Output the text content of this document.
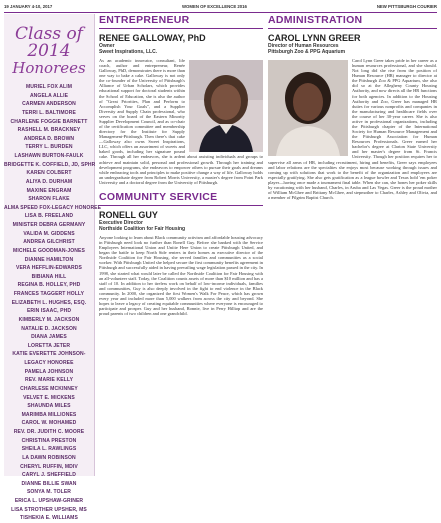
19 JANUARY 4-10, 2017	WOMEN OF EXCELLENCE 2016	NEW PITTSBURGH COURIER
Class of 2014
Honorees
MURIEL FOX ALIM
ANGELA ALLIE
CARMEN ANDERSON
TERRI L. BALTIMORE
CHARLENE FOGGIE BARNETT
RASHELL M. BRACKNEY
ANDREA D. BROWN
TERRY L. BURDEN
LASHAWN BURTON-FAULK
BRIDGETTE K. COFFIELD, JD, SPHR
KAREN COLBERT
ALIYA D. DURHAM
MAXINE ENGRAM
SHARON FLAKE
ALMA SPEED FOX-LEGACY HONOREE
LISA B. FREELAND
MINISTER DEBRA GERMANY
VALIDA M. GIDDENS
ANDREA GILCHRIST
MICHELE GOODMAN-JONES
DIANNE HAMILTON
VERA HEFFLIN-EDWARDS
BIBIANA HILL
REGINA B. HOLLEY, PHD
FRANCES TAGGERT HOLLY
ELIZABETH L. HUGHES, ESQ.
ERIN ISAAC, PHD
KIMBERLY M. JACKSON
NATALIE D. JACKSON
DIANA JAMES
LORETTA JETER
KATIE EVERETTE JOHNSON-
LEGACY HONOREE
PAMELA JOHNSON
REV. MARIE KELLY
CHARLESE MCKINNEY
VELVET E. MICKENS
SHAUNDA MILES
MARIMBA MILLIONES
CAROL W. MOHAMED
REV. DR. JUDITH C. MOORE
CHRISTINA PRESTON
SHEILA L. RAWLINGS
LA DAWN ROBINSON
CHERYL RUFFIN, MDIV
CARYL J. SHEFFIELD
DIANNE BILLIE SWAN
SONYA M. TOLER
ERICA L. UPSHAW-GRINER
LISA STROTHER UPSHER, MS
TISHEKIA E. WILLIAMS
ENTREPRENEUR
RENEE GALLOWAY, PhD
Owner
Sweet Inspirations, LLC.
As an academic innovator, consultant, life coach, author and entrepreneur, Renée Galloway, PhD, demonstrates there is more than one way to bake a cake. Galloway is not only the co-founder of the University of Pittsburgh's Alliance of Urban Scholars, which provides educational support for doctoral students within the School of Education, she is also the author of "Great Priorities, Plan and Perform to Accomplish Your Goals", and a Supplier Diversity and Supply Chain professional, who serves on the board of the Eastern Minority Supplier Development Council, and as co-chair of the certification committee and membership directory for the Institute for Supply Management-Pittsburgh. Then there's that cake—Galloway also owns Sweet Inspirations, LLC, which offers an assortment of sweets and baked goods, including her signature pound cake. Through all her endeavors, she is ardent about assisting individuals and groups to achieve and maintain solid, personal and professional growth. Through her training and development programs, she endeavors to empower others to pursue their goals and dreams while embracing tools and principles to make positive change a way of life. Galloway holds an undergraduate degree from Robert Morris University, a master's degree from Point Park University and a doctoral degree from the University of Pittsburgh.
COMMUNITY SERVICE
RONELL GUY
Executive Director
Northside Coalition for Fair Housing
Anyone looking to learn about Black community activism and affordable housing advocacy in Pittsburgh need look no further than Ronell Guy. Before she banked with the Service Employees International Union and Uniite Here Union to create Pittsburgh United, and began the battle to keep North Side renters in their homes as executive director of the Northside Coalition for Fair Housing, she served families and communities as a social worker. With Pittsburgh United she helped secure the first community benefits agreement in Pittsburgh and successfully aided in having prevailing wage legislation passed in the city. In 1998, she started what would later be called the Northside Coalition for Fair Housing with an all-volunteer staff. Today, the Coalition counts assets of more than $10 million and has a staff of 10. In addition to her tireless work on behalf of low-income individuals, families and communities, Guy is also deeply involved in the fight to end violence in the Black community. In 2000, she organized the first Women's Walk For Peace, which has grown every year and included more than 5,000 walkers from across the city and beyond. She hopes to leave a legacy of creating equitable communities where everyone is encouraged to participate and prosper. Guy and her husband, Ronnie, live in Perry Hilltop and are the proud parents of two children and one grandchild.
ADMINISTRATION
CAROL LYNN GREER
Director of Human Resources
Pittsburgh Zoo & PPG Aquarium
Carol Lynn Greer takes pride in her career as a human resources professional, and she should. Not long did she rise from the position of Human Resource (HR) manager to director at the Pittsburgh Zoo & PPG Aquarium, she also did so at the Allegheny County Housing Authority, and now directs all the HR functions for both agencies. In addition to the Housing Authority and Zoo, Greer has managed HR duties for various nonprofits and companies in the manufacturing and healthcare fields over the course of her 30-year career. She is also active in professional organizations, including the Pittsburgh chapter of the International Society for Human Resource Management and the Pittsburgh Association for Human Resources Professionals. Greer earned her bachelor's degree at Clarion State University and her master's degree from St. Francis University. Though her position requires her to supervise all areas of HR, including recruitment, hiring and benefits, Greer says employees and labor relations are the specialties she enjoys most because working through issues and coming up with solutions that work to the benefit of the organization and employees are especially gratifying. She also gets gratification as a league bowler and Texas hold 'em poker player—having once made a tournament final table. When she can, she hones her poker skills by vacationing with her husband, Charles, in Aruba and Las Vegas. Greer is the proud mother of William McGhee and Brittany McGhee, and stepmother to Charles, Ashley and Olivia, and a member of Pilgrim Baptist Church.
